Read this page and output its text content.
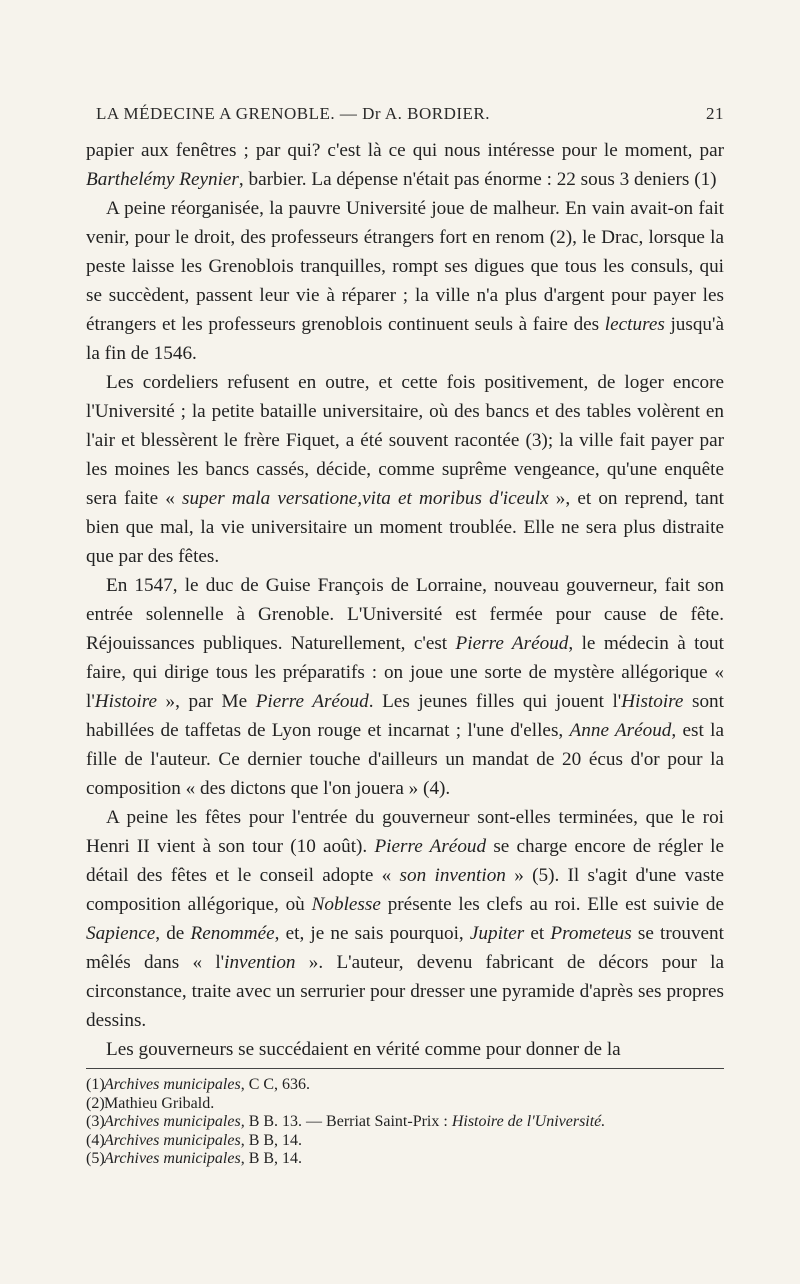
LA MÉDECINE A GRENOBLE. — Dr A. BORDIER.	21

papier aux fenêtres ; par qui? c'est là ce qui nous intéresse pour le moment, par Barthelémy Reynier, barbier. La dépense n'était pas énorme : 22 sous 3 deniers (1)

A peine réorganisée, la pauvre Université joue de malheur. En vain avait-on fait venir, pour le droit, des professeurs étrangers fort en renom (2), le Drac, lorsque la peste laisse les Grenoblois tranquilles, rompt ses digues que tous les consuls, qui se succèdent, passent leur vie à réparer ; la ville n'a plus d'argent pour payer les étrangers et les professeurs grenoblois continuent seuls à faire des lectures jusqu'à la fin de 1546.

Les cordeliers refusent en outre, et cette fois positivement, de loger encore l'Université ; la petite bataille universitaire, où des bancs et des tables volèrent en l'air et blessèrent le frère Fiquet, a été souvent racontée (3); la ville fait payer par les moines les bancs cassés, décide, comme suprême vengeance, qu'une enquête sera faite « super mala versatione,vita et moribus d'iceulx », et on reprend, tant bien que mal, la vie universitaire un moment troublée. Elle ne sera plus distraite que par des fêtes.

En 1547, le duc de Guise François de Lorraine, nouveau gouverneur, fait son entrée solennelle à Grenoble. L'Université est fermée pour cause de fête. Réjouissances publiques. Naturellement, c'est Pierre Aréoud, le médecin à tout faire, qui dirige tous les préparatifs : on joue une sorte de mystère allégorique « l'Histoire », par Me Pierre Aréoud. Les jeunes filles qui jouent l'Histoire sont habillées de taffetas de Lyon rouge et incarnat ; l'une d'elles, Anne Aréoud, est la fille de l'auteur. Ce dernier touche d'ailleurs un mandat de 20 écus d'or pour la composition « des dictons que l'on jouera » (4).

A peine les fêtes pour l'entrée du gouverneur sont-elles terminées, que le roi Henri II vient à son tour (10 août). Pierre Aréoud se charge encore de régler le détail des fêtes et le conseil adopte « son invention » (5). Il s'agit d'une vaste composition allégorique, où Noblesse présente les clefs au roi. Elle est suivie de Sapience, de Renommée, et, je ne sais pourquoi, Jupiter et Prometeus se trouvent mêlés dans « l'invention ». L'auteur, devenu fabricant de décors pour la circonstance, traite avec un serrurier pour dresser une pyramide d'après ses propres dessins.

Les gouverneurs se succédaient en vérité comme pour donner de la

(1)Archives municipales, C C, 636.
(2)Mathieu Gribald.
(3)Archives municipales, B B. 13. — Berriat Saint-Prix : Histoire de l'Université.
(4)Archives municipales, B B, 14.
(5)Archives municipales, B B, 14.
